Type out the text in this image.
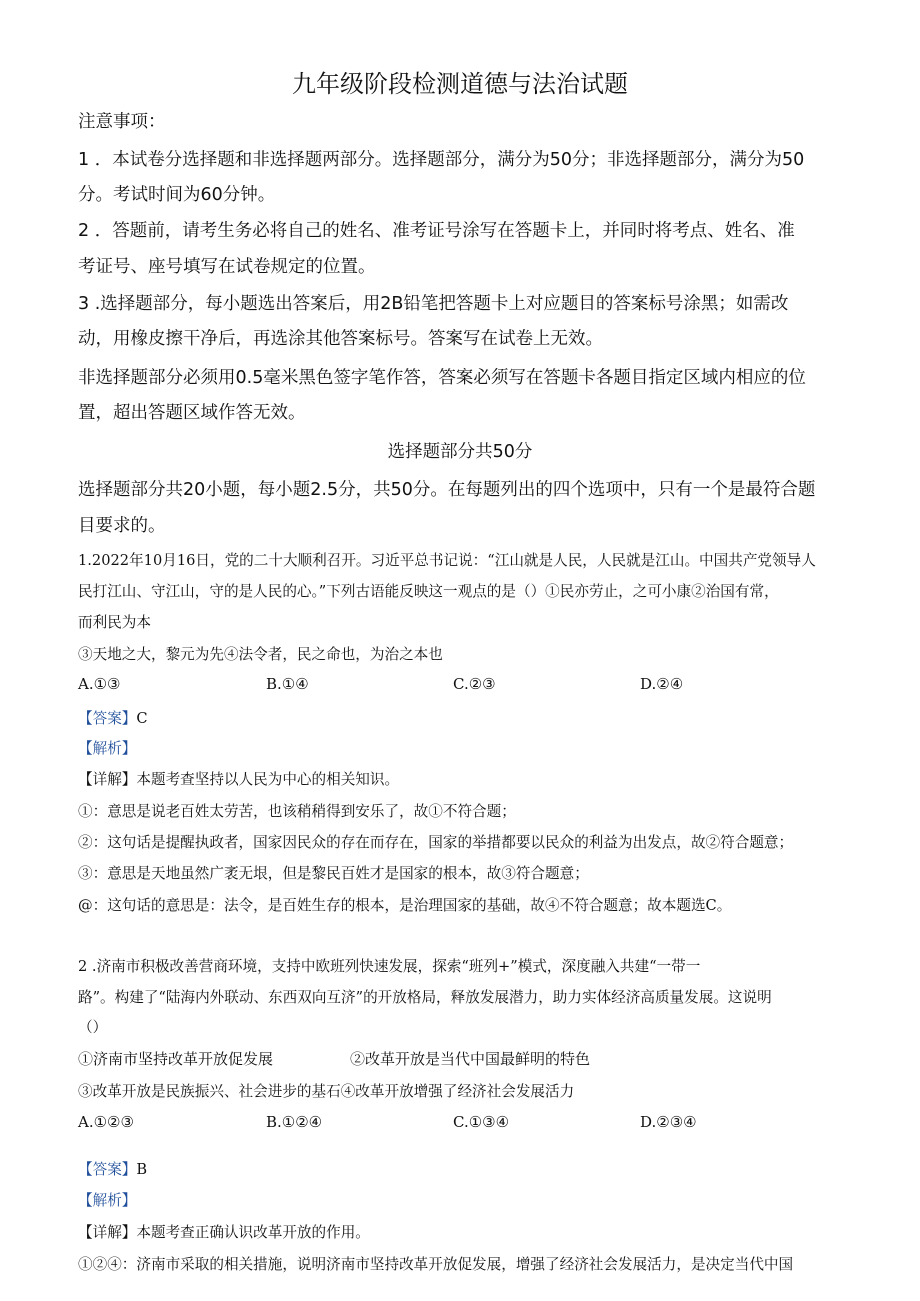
九年级阶段检测道德与法治试题
注意事项：
1 ．本试卷分选择题和非选择题两部分。选择题部分，满分为50分；非选择题部分，满分为50
分。考试时间为60分钟。
2 ．答题前，请考生务必将自己的姓名、准考证号涂写在答题卡上，并同时将考点、姓名、准
考证号、座号填写在试卷规定的位置。
3 .选择题部分，每小题选出答案后，用2B铅笔把答题卡上对应题目的答案标号涂黑；如需改
动，用橡皮擦干净后，再选涂其他答案标号。答案写在试卷上无效。
非选择题部分必须用0.5毫米黑色签字笔作答，答案必须写在答题卡各题目指定区域内相应的位
置，超出答题区域作答无效。
选择题部分共50分
选择题部分共20小题，每小题2.5分，共50分。在每题列出的四个选项中，只有一个是最符合题
目要求的。
1.2022年10月16日，党的二十大顺利召开。习近平总书记说：“江山就是人民，人民就是江山。中国共产党领导人
民打江山、守江山，守的是人民的心。”下列古语能反映这一观点的是（）①民亦劳止，之可小康②治国有常，
而利民为本
③天地之大，黎元为先④法令者，民之命也，为治之本也
A.①③	B.①④	C.②③	D.②④
【答案】C
【解析】
【详解】本题考查坚持以人民为中心的相关知识。
①：意思是说老百姓太劳苦，也该稍稍得到安乐了，故①不符合题；
②：这句话是提醒执政者，国家因民众的存在而存在，国家的举措都要以民众的利益为出发点，故②符合题意；
③：意思是天地虽然广袤无垠，但是黎民百姓才是国家的根本，故③符合题意；
@：这句话的意思是：法令，是百姓生存的根本，是治理国家的基础，故④不符合题意；故本题选C。
2 .济南市积极改善营商环境，支持中欧班列快速发展，探索“班列+”模式，深度融入共建“一带一
路”。构建了“陆海内外联动、东西双向互济”的开放格局，释放发展潜力，助力实体经济高质量发展。这说明
（）
①济南市坚持改革开放促发展	②改革开放是当代中国最鲜明的特色
③改革开放是民族振兴、社会进步的基石④改革开放增强了经济社会发展活力
A.①②③	B.①②④	C.①③④	D.②③④
【答案】B
【解析】
【详解】本题考查正确认识改革开放的作用。
①②④：济南市采取的相关措施，说明济南市坚持改革开放促发展，增强了经济社会发展活力，是决定当代中国
